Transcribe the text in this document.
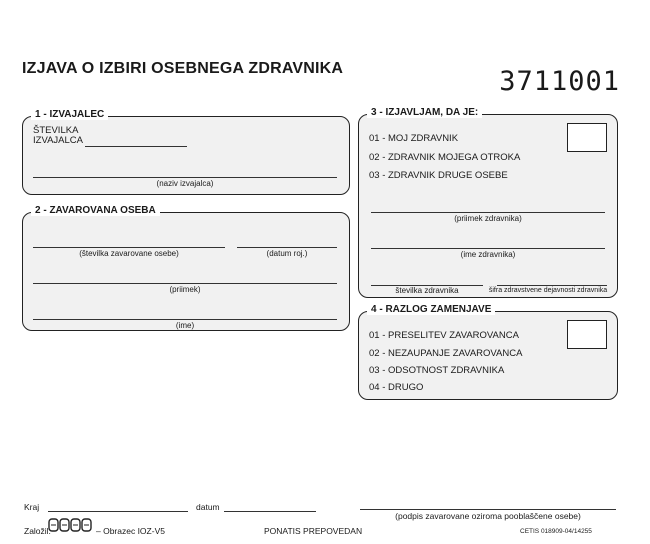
IZJAVA O IZBIRI OSEBNEGA ZDRAVNIKA	3711001
1 - IZVAJALEC
ŠTEVILKA
IZVAJALCA
(naziv izvajalca)
2 - ZAVAROVANA OSEBA
(številka zavarovane osebe)	(datum roj.)
(priimek)
(ime)
3 - IZJAVLJAM, DA JE:
01 - MOJ ZDRAVNIK
02 - ZDRAVNIK MOJEGA OTROKA
03 - ZDRAVNIK DRUGE OSEBE
(priimek zdravnika)
(ime zdravnika)
številka zdravnika	šifra zdravstvene dejavnosti zdravnika
4 - RAZLOG ZAMENJAVE
01 - PRESELITEV ZAVAROVANCA
02 - NEZAUPANJE ZAVAROVANCA
03 - ODSOTNOST ZDRAVNIKA
04 - DRUGO
Kraj	datum
(podpis zavarovane oziroma pooblaščene osebe)
Založil:	– Obrazec IOZ-V5	PONATIS PREPOVEDAN	CETIS 018909-04/14255
